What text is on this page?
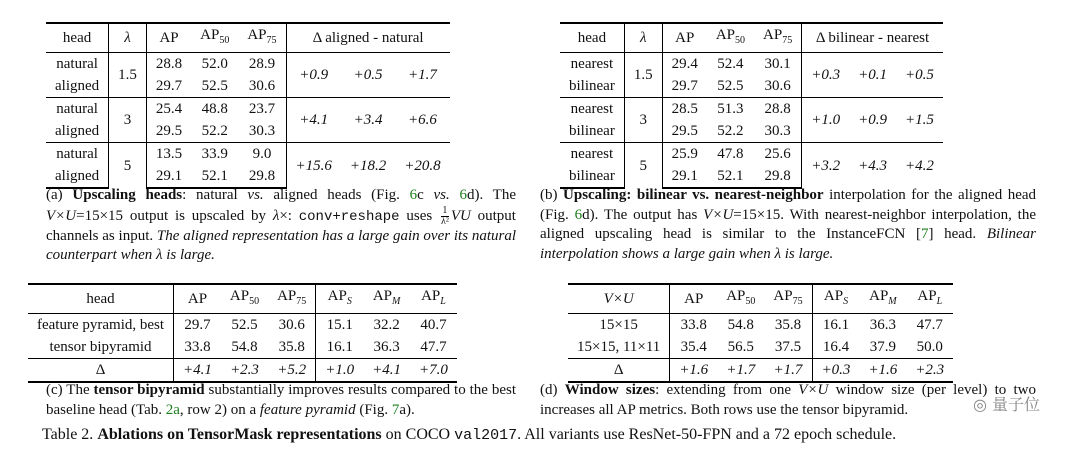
head	λ	AP	$AP_{50}$	$AP_{75}$	Δ aligned - natural		
natural	1.5	28.8	52.0	28.9	+0.9	+0.5	+1.7
aligned		29.7	52.5	30.6			
natural	3	25.4	48.8	23.7	+4.1	+3.4	+6.6
aligned		29.5	52.2	30.3			
natural	5	13.5	33.9	9.0	+15.6	+18.2	+20.8
aligned		29.1	52.1	29.8			
head	λ	AP	$AP_{50}$	$AP_{75}$	Δ bilinear - nearest		
nearest	1.5	29.4	52.4	30.1	+0.3	+0.1	+0.5
bilinear		29.7	52.5	30.6			
nearest	3	28.5	51.3	28.8	+1.0	+0.9	+1.5
bilinear		29.5	52.2	30.3			
nearest	5	25.9	47.8	25.6	+3.2	+4.3	+4.2
bilinear		29.1	52.1	29.8			
(a) Upscaling heads: natural vs. aligned heads (Fig. 6c vs. 6d). The V×U=15×15 output is upscaled by λ×: conv+reshape uses $\frac{1}{\text{λ²}}$ VU output channels as input. The aligned representation has a large gain over its natural counterpart when λ is large.
(b) Upscaling: bilinear vs. nearest-neighbor interpolation for the aligned head (Fig. 6d). The output has V×U=15×15. With nearest-neighbor interpolation, the aligned upscaling head is similar to the InstanceFCN [7] head. Bilinear interpolation shows a large gain when λ is large.
head	AP	$AP_{50}$	$AP_{75}$	$AP_S$	$AP_M$	$AP_L$
feature pyramid, best	29.7	52.5	30.6	15.1	32.2	40.7
tensor bipyramid	33.8	54.8	35.8	16.1	36.3	47.7
Δ	+4.1	+2.3	+5.2	+1.0	+4.1	+7.0
V×U	AP	$AP_{50}$	$AP_{75}$	$AP_S$	$AP_M$	$AP_L$
15×15	33.8	54.8	35.8	16.1	36.3	47.7
15×15, 11×11	35.4	56.5	37.5	16.4	37.9	50.0
Δ	+1.6	+1.7	+1.7	+0.3	+1.6	+2.3
(c) The tensor bipyramid substantially improves results compared to the best baseline head (Tab. 2a, row 2) on a feature pyramid (Fig. 7a).
(d) Window sizes: extending from one V×U window size (per level) to two increases all AP metrics. Both rows use the tensor bipyramid.
Table 2. Ablations on TensorMask representations on COCO val2017. All variants use ResNet-50-FPN and a 72 epoch schedule.
◎ 量子位
